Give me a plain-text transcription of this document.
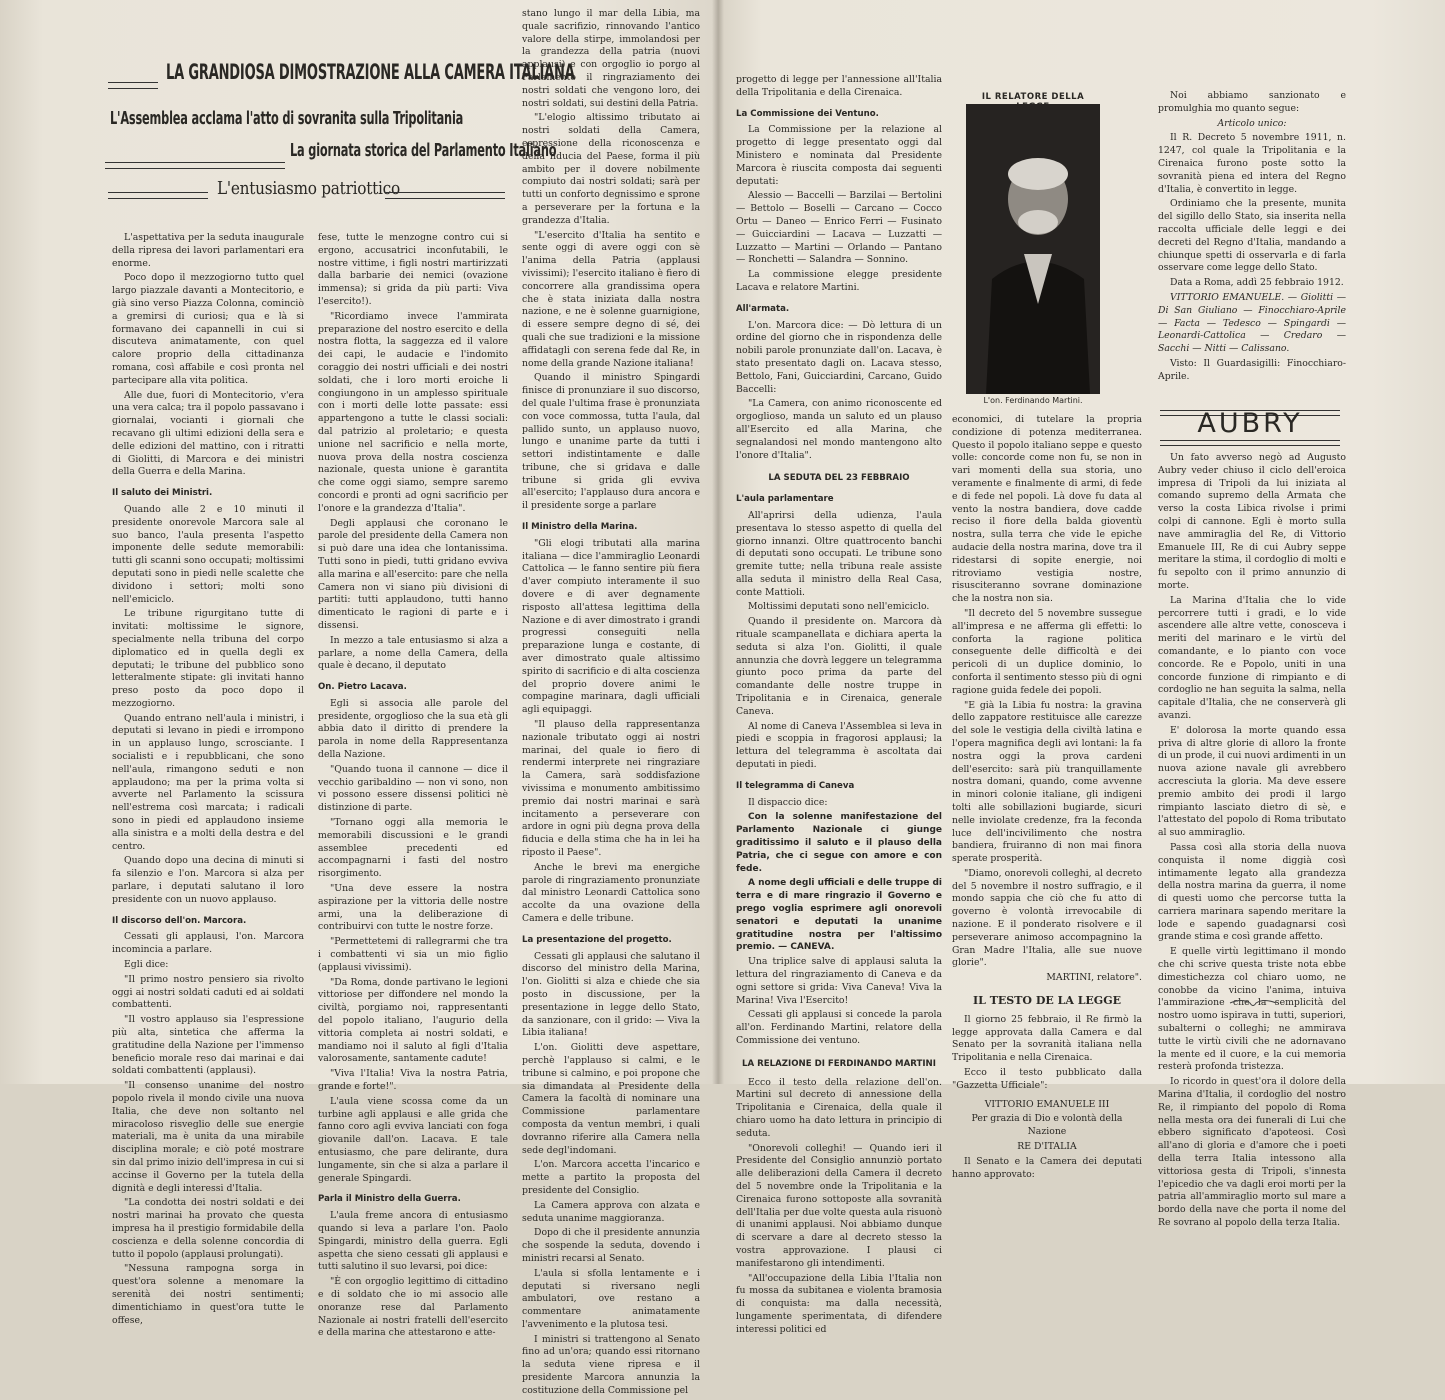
LA GRANDIOSA DIMOSTRAZIONE ALLA CAMERA ITALIANA
L'Assemblea acclama l'atto di sovranita sulla Tripolitania
La giornata storica del Parlamento Italiano
L'entusiasmo patriottico

L'aspettativa per la seduta inaugurale della ripresa dei lavori parlamentari era enorme.

Poco dopo il mezzogiorno tutto quel largo piazzale davanti a Montecitorio, e già sino verso Piazza Colonna, cominciò a gremirsi di curiosi; qua e là si formavano dei capannelli in cui si discuteva animatamente, con quel calore proprio della cittadinanza romana, così affabile e così pronta nel partecipare alla vita politica.

Alle due, fuori di Montecitorio, v'era una vera calca; tra il popolo passavano i giornalai, vocianti i giornali che recavano gli ultimi edizioni della sera e delle edizioni del mattino, con i ritratti di Giolitti, di Marcora e dei ministri della Guerra e della Marina.

Il saluto dei Ministri.

Quando alle 2 e 10 minuti il presidente onorevole Marcora sale al suo banco, l'aula presenta l'aspetto imponente delle sedute memorabili: tutti gli scanni sono occupati; moltissimi deputati sono in piedi nelle scalette che dividono i settori; molti sono nell'emiciclo.

Le tribune rigurgitano tutte di invitati: moltissime le signore, specialmente nella tribuna del corpo diplomatico ed in quella degli ex deputati; le tribune del pubblico sono letteralmente stipate: gli invitati hanno preso posto da poco dopo il mezzogiorno.

Quando entrano nell'aula i ministri, i deputati si levano in piedi e irrompono in un applauso lungo, scrosciante. I socialisti e i repubblicani, che sono nell'aula, rimangono seduti e non applaudono; ma per la prima volta si avverte nel Parlamento la scissura nell'estrema così marcata; i radicali sono in piedi ed applaudono insieme alla sinistra e a molti della destra e del centro.

Quando dopo una decina di minuti si fa silenzio e l'on. Marcora si alza per parlare, i deputati salutano il loro presidente con un nuovo applauso.

Il discorso dell'on. Marcora.

Cessati gli applausi, l'on. Marcora incomincia a parlare.

Egli dice:

"Il primo nostro pensiero sia rivolto oggi ai nostri soldati caduti ed ai soldati combattenti.

"Il vostro applauso sia l'espressione più alta, sintetica che afferma la gratitudine della Nazione per l'immenso beneficio morale reso dai marinai e dai soldati combattenti (applausi).

"Il consenso unanime del nostro popolo rivela il mondo civile una nuova Italia, che deve non soltanto nel miracoloso risveglio delle sue energie materiali, ma è unita da una mirabile disciplina morale; e ciò poté mostrare sin dal primo inizio dell'impresa in cui si accinse il Governo per la tutela della dignità e degli interessi d'Italia.

"La condotta dei nostri soldati e dei nostri marinai ha provato che questa impresa ha il prestigio formidabile della coscienza e della solenne concordia di tutto il popolo (applausi prolungati).

"Nessuna rampogna sorga in quest'ora solenne a menomare la serenità dei nostri sentimenti; dimentichiamo in quest'ora tutte le offese,

fese, tutte le menzogne contro cui si ergono, accusatrici inconfutabili, le nostre vittime, i figli nostri martirizzati dalla barbarie dei nemici (ovazione immensa); si grida da più parti: Viva l'esercito!).

"Ricordiamo invece l'ammirata preparazione del nostro esercito e della nostra flotta, la saggezza ed il valore dei capi, le audacie e l'indomito coraggio dei nostri ufficiali e dei nostri soldati, che i loro morti eroiche li congiungono in un amplesso spirituale con i morti delle lotte passate: essi appartengono a tutte le classi sociali: dal patrizio al proletario; e questa unione nel sacrificio e nella morte, nuova prova della nostra coscienza nazionale, questa unione è garantita che come oggi siamo, sempre saremo concordi e pronti ad ogni sacrificio per l'onore e la grandezza d'Italia".

Degli applausi che coronano le parole del presidente della Camera non si può dare una idea che lontanissima. Tutti sono in piedi, tutti gridano evviva alla marina e all'esercito: pare che nella Camera non vi siano più divisioni di partiti: tutti applaudono, tutti hanno dimenticato le ragioni di parte e i dissensi.

In mezzo a tale entusiasmo si alza a parlare, a nome della Camera, della quale è decano, il deputato

On. Pietro Lacava.

Egli si associa alle parole del presidente, orgoglioso che la sua età gli abbia dato il diritto di prendere la parola in nome della Rappresentanza della Nazione.

"Quando tuona il cannone — dice il vecchio garibaldino — non vi sono, non vi possono essere dissensi politici nè distinzione di parte.

"Tornano oggi alla memoria le memorabili discussioni e le grandi assemblee precedenti ed accompagnarni i fasti del nostro risorgimento.

"Una deve essere la nostra aspirazione per la vittoria delle nostre armi, una la deliberazione di contribuirvi con tutte le nostre forze.

"Permettetemi di rallegrarmi che tra i combattenti vi sia un mio figlio (applausi vivissimi).

"Da Roma, donde partivano le legioni vittoriose per diffondere nel mondo la civiltà, porgiamo noi, rappresentanti del popolo italiano, l'augurio della vittoria completa ai nostri soldati, e mandiamo noi il saluto al figli d'Italia valorosamente, santamente cadute!

"Viva l'Italia! Viva la nostra Patria, grande e forte!".

L'aula viene scossa come da un turbine agli applausi e alle grida che fanno coro agli evviva lanciati con foga giovanile dall'on. Lacava. E tale entusiasmo, che pare delirante, dura lungamente, sin che si alza a parlare il generale Spingardi.

Parla il Ministro della Guerra.

L'aula freme ancora di entusiasmo quando si leva a parlare l'on. Paolo Spingardi, ministro della guerra. Egli aspetta che sieno cessati gli applausi e tutti salutino il suo levarsi, poi dice:

"È con orgoglio legittimo di cittadino e di soldato che io mi associo alle onoranze rese dal Parlamento Nazionale ai nostri fratelli dell'esercito e della marina che attestarono e atte-

stano lungo il mar della Libia, ma quale sacrifizio, rinnovando l'antico valore della stirpe, immolandosi per la grandezza della patria (nuovi applausi) e con orgoglio io porgo al Parlamento il ringraziamento dei nostri soldati che vengono loro, dei nostri soldati, sui destini della Patria.

"L'elogio altissimo tributato ai nostri soldati della Camera, espressione della riconoscenza e della fiducia del Paese, forma il più ambito per il dovere nobilmente compiuto dai nostri soldati; sarà per tutti un conforto degnissimo e sprone a perseverare per la fortuna e la grandezza d'Italia.

"L'esercito d'Italia ha sentito e sente oggi di avere oggi con sè l'anima della Patria (applausi vivissimi); l'esercito italiano è fiero di concorrere alla grandissima opera che è stata iniziata dalla nostra nazione, e ne è solenne guarnigione, di essere sempre degno di sé, dei quali che sue tradizioni e la missione affidatagli con serena fede dal Re, in nome della grande Nazione italiana!

Quando il ministro Spingardi finisce di pronunziare il suo discorso, del quale l'ultima frase è pronunziata con voce commossa, tutta l'aula, dal pallido sunto, un applauso nuovo, lungo e unanime parte da tutti i settori indistintamente e dalle tribune, che si gridava e dalle tribune si grida gli evviva all'esercito; l'applauso dura ancora e il presidente sorge a parlare

Il Ministro della Marina.

"Gli elogi tributati alla marina italiana — dice l'ammiraglio Leonardi Cattolica — le fanno sentire più fiera d'aver compiuto interamente il suo dovere e di aver degnamente risposto all'attesa legittima della Nazione e di aver dimostrato i grandi progressi conseguiti nella preparazione lunga e costante, di aver dimostrato quale altissimo spirito di sacrificio e di alta coscienza del proprio dovere animi le compagine marinara, dagli ufficiali agli equipaggi.

"Il plauso della rappresentanza nazionale tributato oggi ai nostri marinai, del quale io fiero di rendermi interprete nei ringraziare la Camera, sarà soddisfazione vivissima e monumento ambitissimo premio dai nostri marinai e sarà incitamento a perseverare con ardore in ogni più degna prova della fiducia e della stima che ha in lei ha riposto il Paese".

Anche le brevi ma energiche parole di ringraziamento pronunziate dal ministro Leonardi Cattolica sono accolte da una ovazione della Camera e delle tribune.

La presentazione del progetto.

Cessati gli applausi che salutano il discorso del ministro della Marina, l'on. Giolitti si alza e chiede che sia posto in discussione, per la presentazione in legge dello Stato, da sanzionare, con il grido: — Viva la Libia italiana!

L'on. Giolitti deve aspettare, perchè l'applauso si calmi, e le tribune si calmino, e poi propone che sia dimandata al Presidente della Camera la facoltà di nominare una Commissione parlamentare composta da ventun membri, i quali dovranno riferire alla Camera nella sede degl'indomani.

L'on. Marcora accetta l'incarico e mette a partito la proposta del presidente del Consiglio.

La Camera approva con alzata e seduta unanime maggioranza.

Dopo di che il presidente annunzia che sospende la seduta, dovendo i ministri recarsi al Senato.

L'aula si sfolla lentamente e i deputati si riversano negli ambulatori, ove restano a commentare animatamente l'avvenimento e la plutosa tesi.

I ministri si trattengono al Senato fino ad un'ora; quando essi ritornano la seduta viene ripresa e il presidente Marcora annunzia la costituzione della Commissione pel

progetto di legge per l'annessione all'Italia della Tripolitania e della Cirenaica.

La Commissione dei Ventuno.

La Commissione per la relazione al progetto di legge presentato oggi dal Ministero e nominata dal Presidente Marcora è riuscita composta dai seguenti deputati:

Alessio — Baccelli — Barzilai — Bertolini — Bettolo — Boselli — Carcano — Cocco Ortu — Daneo — Enrico Ferri — Fusinato — Guicciardini — Lacava — Luzzatti — Luzzatto — Martini — Orlando — Pantano — Ronchetti — Salandra — Sonnino.

La commissione elegge presidente Lacava e relatore Martini.

All'armata.

L'on. Marcora dice: — Dò lettura di un ordine del giorno che in rispondenza delle nobili parole pronunziate dall'on. Lacava, è stato presentato dagli on. Lacava stesso, Bettolo, Fani, Guicciardini, Carcano, Guido Baccelli:

"La Camera, con animo riconoscente ed orgoglioso, manda un saluto ed un plauso all'Esercito ed alla Marina, che segnalandosi nel mondo mantengono alto l'onore d'Italia".

LA SEDUTA DEL 23 FEBBRAIO
L'aula parlamentare

All'aprirsi della udienza, l'aula presentava lo stesso aspetto di quella del giorno innanzi. Oltre quattrocento banchi di deputati sono occupati. Le tribune sono gremite tutte; nella tribuna reale assiste alla seduta il ministro della Real Casa, conte Mattioli.

Moltissimi deputati sono nell'emiciclo.

Quando il presidente on. Marcora dà rituale scampanellata e dichiara aperta la seduta si alza l'on. Giolitti, il quale annunzia che dovrà leggere un telegramma giunto poco prima da parte del comandante delle nostre truppe in Tripolitania e in Cirenaica, generale Caneva.

Al nome di Caneva l'Assemblea si leva in piedi e scoppia in fragorosi applausi; la lettura del telegramma è ascoltata dai deputati in piedi.

Il telegramma di Caneva

Il dispaccio dice:

Con la solenne manifestazione del Parlamento Nazionale ci giunge graditissimo il saluto e il plauso della Patria, che ci segue con amore e con fede.

A nome degli ufficiali e delle truppe di terra e di mare ringrazio il Governo e prego voglia esprimere agli onorevoli senatori e deputati la unanime gratitudine nostra per l'altissimo premio. — CANEVA.

Una triplice salve di applausi saluta la lettura del ringraziamento di Caneva e da ogni settore si grida: Viva Caneva! Viva la Marina! Viva l'Esercito!

Cessati gli applausi si concede la parola all'on. Ferdinando Martini, relatore della Commissione dei ventuno.

LA RELAZIONE DI FERDINANDO MARTINI

Ecco il testo della relazione dell'on. Martini sul decreto di annessione della Tripolitania e Cirenaica, della quale il chiaro uomo ha dato lettura in principio di seduta.

"Onorevoli colleghi! — Quando ieri il Presidente del Consiglio annunziò portato alle deliberazioni della Camera il decreto del 5 novembre onde la Tripolitania e la Cirenaica furono sottoposte alla sovranità dell'Italia per due volte questa aula risuonò di unanimi applausi. Noi abbiamo dunque di scervare a dare al decreto stesso la vostra approvazione. I plausi ci manifestarono gli intendimenti.

"All'occupazione della Libia l'Italia non fu mossa da subitanea e violenta bramosia di conquista: ma dalla necessità, lungamente sperimentata, di difendere interessi politici ed

IL RELATORE DELLA
L'on. Ferdinando Martini.

economici, di tutelare la propria condizione di potenza mediterranea. Questo il popolo italiano seppe e questo volle: concorde come non fu, se non in vari momenti della sua storia, uno veramente e finalmente di armi, di fede e di fede nel popoli. Là dove fu data al vento la nostra bandiera, dove cadde reciso il fiore della balda gioventù nostra, sulla terra che vide le epiche audacie della nostra marina, dove tra il ridestarsi di sopite energie, noi ritroviamo vestigia nostre, risusciteranno sovrane dominazione che la nostra non sia.

"Il decreto del 5 novembre sussegue all'impresa e ne afferma gli effetti: lo conforta la ragione politica conseguente delle difficoltà e dei pericoli di un duplice dominio, lo conforta il sentimento stesso più di ogni ragione guida fedele dei popoli.

"E già la Libia fu nostra: la gravina dello zappatore restituisce alle carezze del sole le vestigia della civiltà latina e l'opera magnifica degli avi lontani: la fa nostra oggi la prova cardeni dell'esercito: sarà più tranquillamente nostra domani, quando, come avvenne in minori colonie italiane, gli indigeni tolti alle sobillazioni bugiarde, sicuri nelle inviolate credenze, fra la feconda luce dell'incivilimento che nostra bandiera, fruiranno di non mai finora sperate prosperità.

"Diamo, onorevoli colleghi, al decreto del 5 novembre il nostro suffragio, e il mondo sappia che ciò che fu atto di governo è volontà irrevocabile di nazione. E il ponderato risolvere e il perseverare animoso accompagnino la Gran Madre l'Italia, alle sue nuove glorie".

MARTINI, relatore".

IL TESTO DE LA LEGGE

Il giorno 25 febbraio, il Re firmò la legge approvata dalla Camera e dal Senato per la sovranità italiana nella Tripolitania e nella Cirenaica.

Ecco il testo pubblicato dalla "Gazzetta Ufficiale":

VITTORIO EMANUELE III

Per grazia di Dio e volontà della Nazione

RE D'ITALIA

Il Senato e la Camera dei deputati hanno approvato:

Noi abbiamo sanzionato e promulghia mo quanto segue:

Articolo unico:

Il R. Decreto 5 novembre 1911, n. 1247, col quale la Tripolitania e la Cirenaica furono poste sotto la sovranità piena ed intera del Regno d'Italia, è convertito in legge.

Ordiniamo che la presente, munita del sigillo dello Stato, sia inserita nella raccolta ufficiale delle leggi e dei decreti del Regno d'Italia, mandando a chiunque spetti di osservarla e di farla osservare come legge dello Stato.

Data a Roma, addì 25 febbraio 1912.

VITTORIO EMANUELE. — Giolitti — Di San Giuliano — Finocchiaro-Aprile — Facta — Tedesco — Spingardi — Leonardi-Cattolica — Credaro — Sacchi — Nitti — Calissano.

Visto: Il Guardasigilli: Finocchiaro-Aprile.

AUBRY

Un fato avverso negò ad Augusto Aubry veder chiuso il ciclo dell'eroica impresa di Tripoli da lui iniziata al comando supremo della Armata che verso la costa Libica rivolse i primi colpi di cannone. Egli è morto sulla nave ammiraglia del Re, di Vittorio Emanuele III, Re di cui Aubry seppe meritare la stima, il cordoglio di molti e fu sepolto con il primo annunzio di morte.

La Marina d'Italia che lo vide percorrere tutti i gradi, e lo vide ascendere alle altre vette, conosceva i meriti del marinaro e le virtù del comandante, e lo pianto con voce concorde. Re e Popolo, uniti in una concorde funzione di rimpianto e di cordoglio ne han seguita la salma, nella capitale d'Italia, che ne conserverà gli avanzi.

E' dolorosa la morte quando essa priva di altre glorie di alloro la fronte di un prode, il cui nuovi ardimenti in un nuova azione navale gli avrebbero accresciuta la gloria. Ma deve essere premio ambito dei prodi il largo rimpianto lasciato dietro di sè, e l'attestato del popolo di Roma tributato al suo ammiraglio.

Passa così alla storia della nuova conquista il nome diggià così intimamente legato alla grandezza della nostra marina da guerra, il nome di questi uomo che percorse tutta la carriera marinara sapendo meritare la lode e sapendo guadagnarsi così grande stima e così grande affetto.

E quelle virtù legittimano il mondo che chi scrive questa triste nota ebbe dimestichezza col chiaro uomo, ne conobbe da vicino l'anima, intuiva l'ammirazione che la semplicità del nostro uomo ispirava in tutti, superiori, subalterni o colleghi; ne ammirava tutte le virtù civili che ne adornavano la mente ed il cuore, e la cui memoria resterà profonda tristezza.

Io ricordo in quest'ora il dolore della Marina d'Italia, il cordoglio del nostro Re, il rimpianto del popolo di Roma nella mesta ora dei funerali di Lui che ebbero significato d'apoteosi. Così all'ano di gloria e d'amore che i poeti della terra Italia intessono alla vittoriosa gesta di Tripoli, s'innesta l'epicedio che va dagli eroi morti per la patria all'ammiraglio morto sul mare a bordo della nave che porta il nome del Re sovrano al popolo della terza Italia.
